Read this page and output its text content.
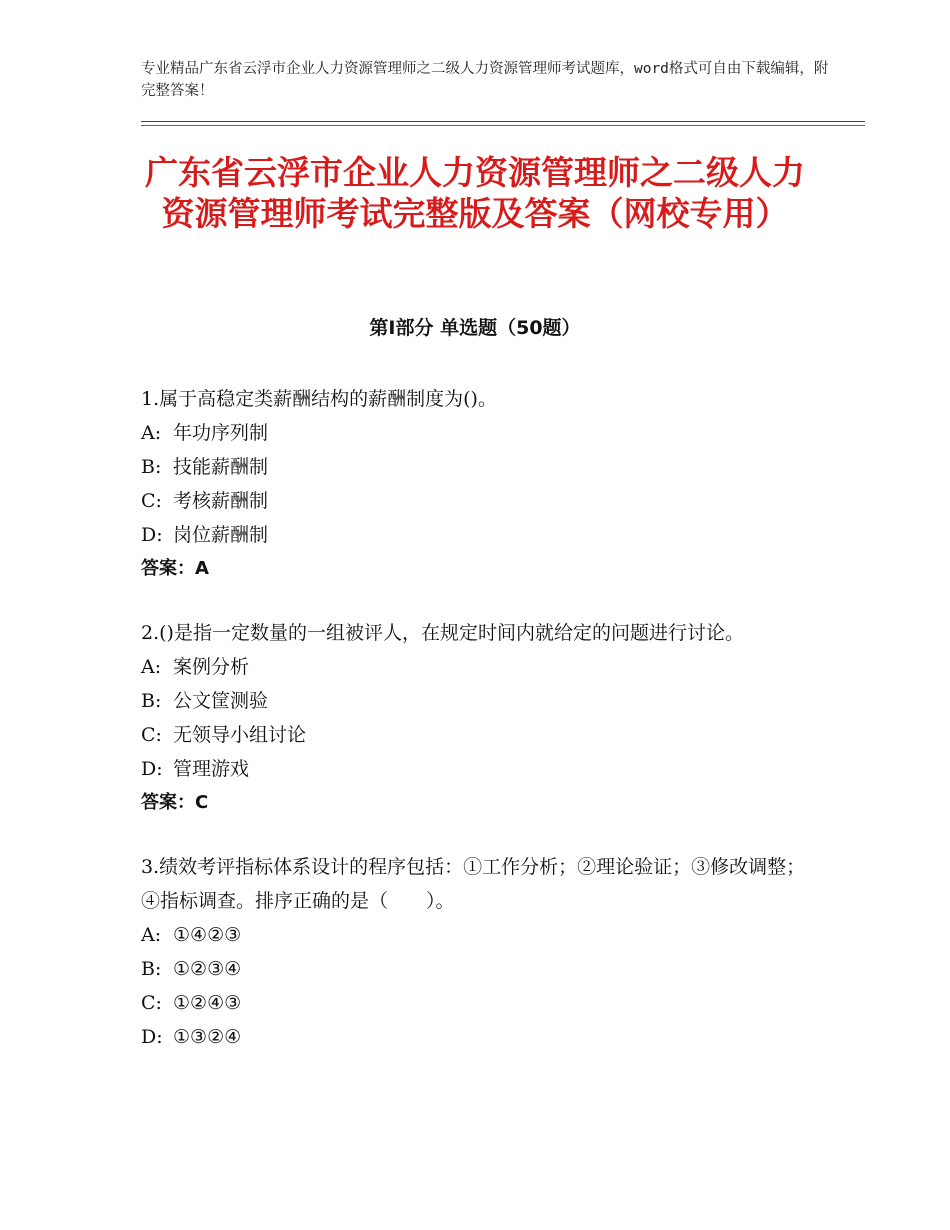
专业精品广东省云浮市企业人力资源管理师之二级人力资源管理师考试题库，word格式可自由下载编辑，附完整答案！
广东省云浮市企业人力资源管理师之二级人力资源管理师考试完整版及答案（网校专用）
第Ⅰ部分 单选题（50题）
1.属于高稳定类薪酬结构的薪酬制度为()。
A: 年功序列制
B: 技能薪酬制
C: 考核薪酬制
D: 岗位薪酬制
答案：A
2.()是指一定数量的一组被评人，在规定时间内就给定的问题进行讨论。
A: 案例分析
B: 公文筐测验
C: 无领导小组讨论
D: 管理游戏
答案：C
3.绩效考评指标体系设计的程序包括：①工作分析；②理论验证；③修改调整；④指标调查。排序正确的是（　　）。
A: ①④②③
B: ①②③④
C: ①②④③
D: ①③②④
